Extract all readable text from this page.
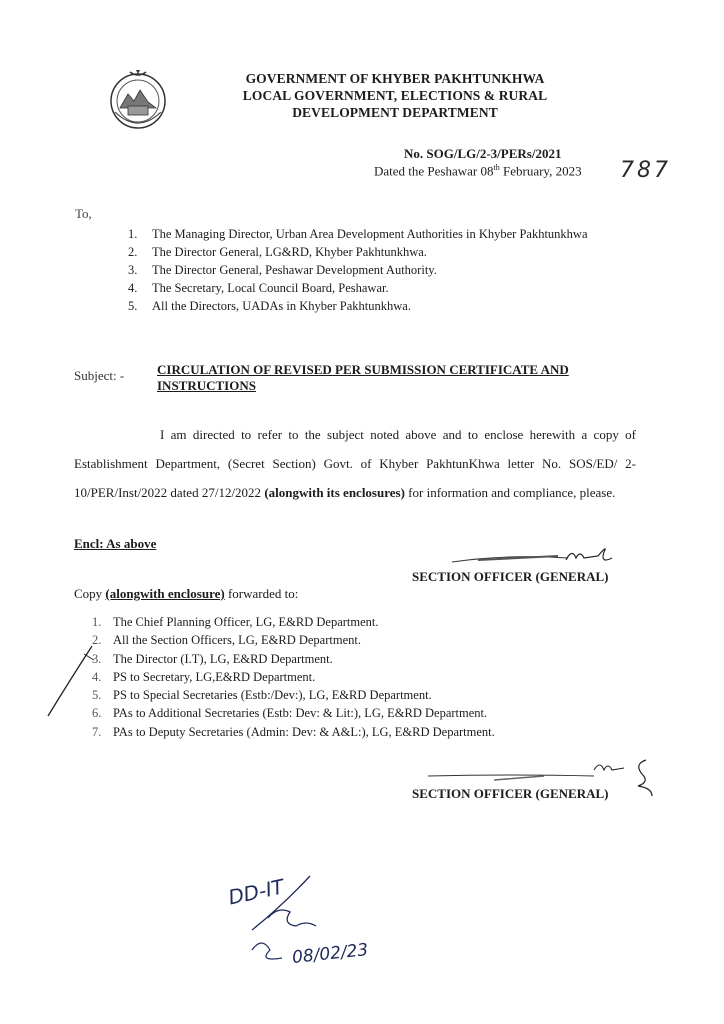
GOVERNMENT OF KHYBER PAKHTUNKHWA
LOCAL GOVERNMENT, ELECTIONS & RURAL
DEVELOPMENT DEPARTMENT
No. SOG/LG/2-3/PERs/2021
Dated the Peshawar 08th February, 2023 787
To,
1. The Managing Director, Urban Area Development Authorities in Khyber Pakhtunkhwa
2. The Director General, LG&RD, Khyber Pakhtunkhwa.
3. The Director General, Peshawar Development Authority.
4. The Secretary, Local Council Board, Peshawar.
5. All the Directors, UADAs in Khyber Pakhtunkhwa.
Subject: -	CIRCULATION OF REVISED PER SUBMISSION CERTIFICATE AND INSTRUCTIONS
I am directed to refer to the subject noted above and to enclose herewith a copy of Establishment Department, (Secret Section) Govt. of Khyber PakhtunKhwa letter No. SOS/ED/ 2-10/PER/Inst/2022 dated 27/12/2022 (alongwith its enclosures) for information and compliance, please.
Encl: As above
SECTION OFFICER (GENERAL)
Copy (alongwith enclosure) forwarded to:
1. The Chief Planning Officer, LG, E&RD Department.
2. All the Section Officers, LG, E&RD Department.
3. The Director (I.T), LG, E&RD Department.
4. PS to Secretary, LG,E&RD Department.
5. PS to Special Secretaries (Estb:/Dev:), LG, E&RD Department.
6. PAs to Additional Secretaries (Estb: Dev: & Lit:), LG, E&RD Department.
7. PAs to Deputy Secretaries (Admin: Dev: & A&L:), LG, E&RD Department.
SECTION OFFICER (GENERAL)
DD-IT
08/02/23
